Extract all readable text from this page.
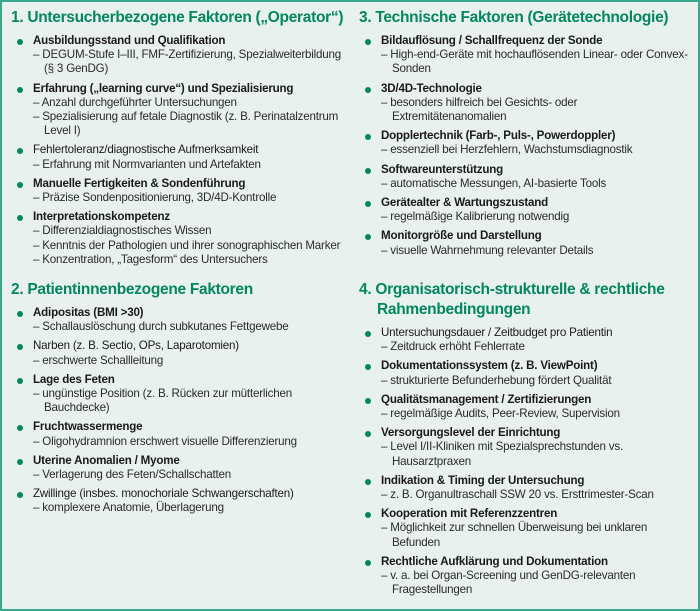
1. Untersucherbezogene Faktoren („Operator“)
Ausbildungsstand und Qualifikation
– DEGUM-Stufe I–III, FMF-Zertifizierung, Spezialweiterbildung (§ 3 GenDG)
Erfahrung („learning curve“) und Spezialisierung
– Anzahl durchgeführter Untersuchungen
– Spezialisierung auf fetale Diagnostik (z. B. Perinatalzentrum Level I)
Fehlertoleranz/diagnostische Aufmerksamkeit
– Erfahrung mit Normvarianten und Artefakten
Manuelle Fertigkeiten & Sondenführung
– Präzise Sondenpositionierung, 3D/4D-Kontrolle
Interpretationskompetenz
– Differenzialdiagnostisches Wissen
– Kenntnis der Pathologien und ihrer sonographischen Marker
– Konzentration, „Tagesform“ des Untersuchers
3. Technische Faktoren (Gerätetechnologie)
Bildauflösung / Schallfrequenz der Sonde
– High-end-Geräte mit hochauflösenden Linear- oder Convex-Sonden
3D/4D-Technologie
– besonders hilfreich bei Gesichts- oder Extremitätenanomalien
Dopplertechnik (Farb-, Puls-, Powerdoppler)
– essenziell bei Herzfehlern, Wachstumsdiagnostik
Softwareunterstützung
– automatische Messungen, AI-basierte Tools
Gerätealter & Wartungszustand
– regelmäßige Kalibrierung notwendig
Monitorgröße und Darstellung
– visuelle Wahrnehmung relevanter Details
2. Patientinnenbezogene Faktoren
Adipositas (BMI >30)
– Schallauslöschung durch subkutanes Fettgewebe
Narben (z. B. Sectio, OPs, Laparotomien)
– erschwerte Schallleitung
Lage des Feten
– ungünstige Position (z. B. Rücken zur mütterlichen Bauchdecke)
Fruchtwassermenge
– Oligohydramnion erschwert visuelle Differenzierung
Uterine Anomalien / Myome
– Verlagerung des Feten/Schallschatten
Zwillinge (insbes. monochoriale Schwangerschaften)
– komplexere Anatomie, Überlagerung
4. Organisatorisch-strukturelle & rechtliche Rahmenbedingungen
Untersuchungsdauer / Zeitbudget pro Patientin
– Zeitdruck erhöht Fehlerrate
Dokumentationssystem (z. B. ViewPoint)
– strukturierte Befunderhebung fördert Qualität
Qualitätsmanagement / Zertifizierungen
– regelmäßige Audits, Peer-Review, Supervision
Versorgungslevel der Einrichtung
– Level I/II-Kliniken mit Spezialsprechstunden vs. Hausarztpraxen
Indikation & Timing der Untersuchung
– z. B. Organultraschall SSW 20 vs. Ersttrimester-Scan
Kooperation mit Referenzzentren
– Möglichkeit zur schnellen Überweisung bei unklaren Befunden
Rechtliche Aufklärung und Dokumentation
– v. a. bei Organ-Screening und GenDG-relevanten Fragestellungen
